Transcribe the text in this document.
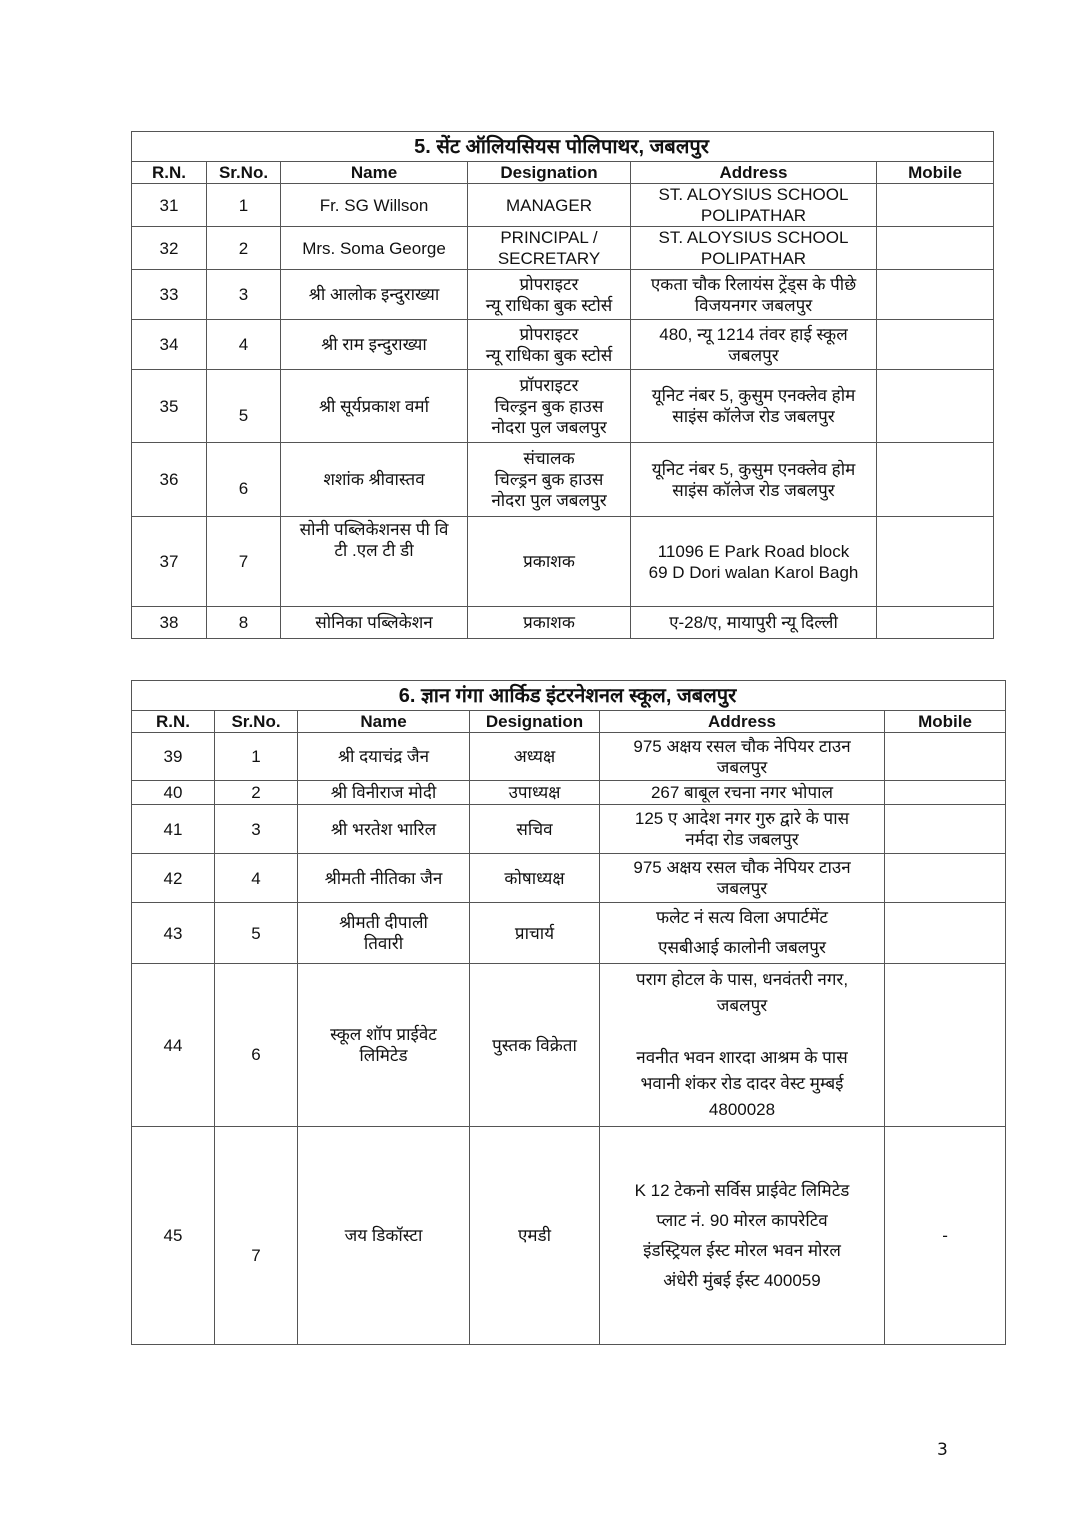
5. सेंट ऑलियसियस पोलिपाथर, जबलपुर					
R.N.	Sr.No.	Name	Designation	Address	Mobile
31	1	Fr. SG Willson	MANAGER	ST. ALOYSIUS SCHOOL
POLIPATHAR	
32	2	Mrs. Soma George	PRINCIPAL /
SECRETARY	ST. ALOYSIUS SCHOOL
POLIPATHAR	
33	3	श्री आलोक इन्दुराख्या	प्रोपराइटर
न्यू राधिका बुक स्टोर्स	एकता चौक रिलायंस ट्रेंड्स के पीछे
विजयनगर जबलपुर	
34	4	श्री राम इन्दुराख्या	प्रोपराइटर
न्यू राधिका बुक स्टोर्स	480, न्यू 1214 तंवर हाई स्कूल
जबलपुर	
35	5	श्री सूर्यप्रकाश वर्मा	प्रॉपराइटर
चिल्ड्रन बुक हाउस
नोदरा पुल जबलपुर	यूनिट नंबर 5, कुसुम एनक्लेव होम
साइंस कॉलेज रोड जबलपुर	
36	6	शशांक श्रीवास्तव	संचालक
चिल्ड्रन बुक हाउस
नोदरा पुल जबलपुर	यूनिट नंबर 5, कुसुम एनक्लेव होम
साइंस कॉलेज रोड जबलपुर	
37	7	सोनी पब्लिकेशनस पी वि
टी .एल टी डी	प्रकाशक	11096 E Park Road block
69 D Dori walan Karol Bagh	
38	8	सोनिका पब्लिकेशन	प्रकाशक	ए-28/ए, मायापुरी न्यू दिल्ली	
6. ज्ञान गंगा आर्किड इंटरनेशनल स्कूल, जबलपुर					
R.N.	Sr.No.	Name	Designation	Address	Mobile
39	1	श्री दयाचंद्र जैन	अध्यक्ष	975 अक्षय रसल चौक नेपियर टाउन
जबलपुर	
40	2	श्री विनीराज मोदी	उपाध्यक्ष	267 बाबूल रचना नगर भोपाल	
41	3	श्री भरतेश भारिल	सचिव	125 ए आदेश नगर गुरु द्वारे के पास
नर्मदा रोड जबलपुर	
42	4	श्रीमती नीतिका जैन	कोषाध्यक्ष	975 अक्षय रसल चौक नेपियर टाउन
जबलपुर	
43	5	श्रीमती दीपाली
तिवारी	प्राचार्य	फलेट नं सत्य विला अपार्टमेंट
एसबीआई कालोनी जबलपुर	
44	6	स्कूल शॉप प्राईवेट
लिमिटेड	पुस्तक विक्रेता	पराग होटल के पास, धनवंतरी नगर,
जबलपुर

नवनीत भवन शारदा आश्रम के पास
भवानी शंकर रोड दादर वेस्ट मुम्बई
4800028	
45	7	जय डिकॉस्टा	एमडी	K 12 टेकनो सर्विस प्राईवेट लिमिटेड
प्लाट नं. 90 मोरल कापरेटिव
इंडस्ट्रियल ईस्ट मोरल भवन मोरल
अंधेरी मुंबई ईस्ट 400059	-
3
